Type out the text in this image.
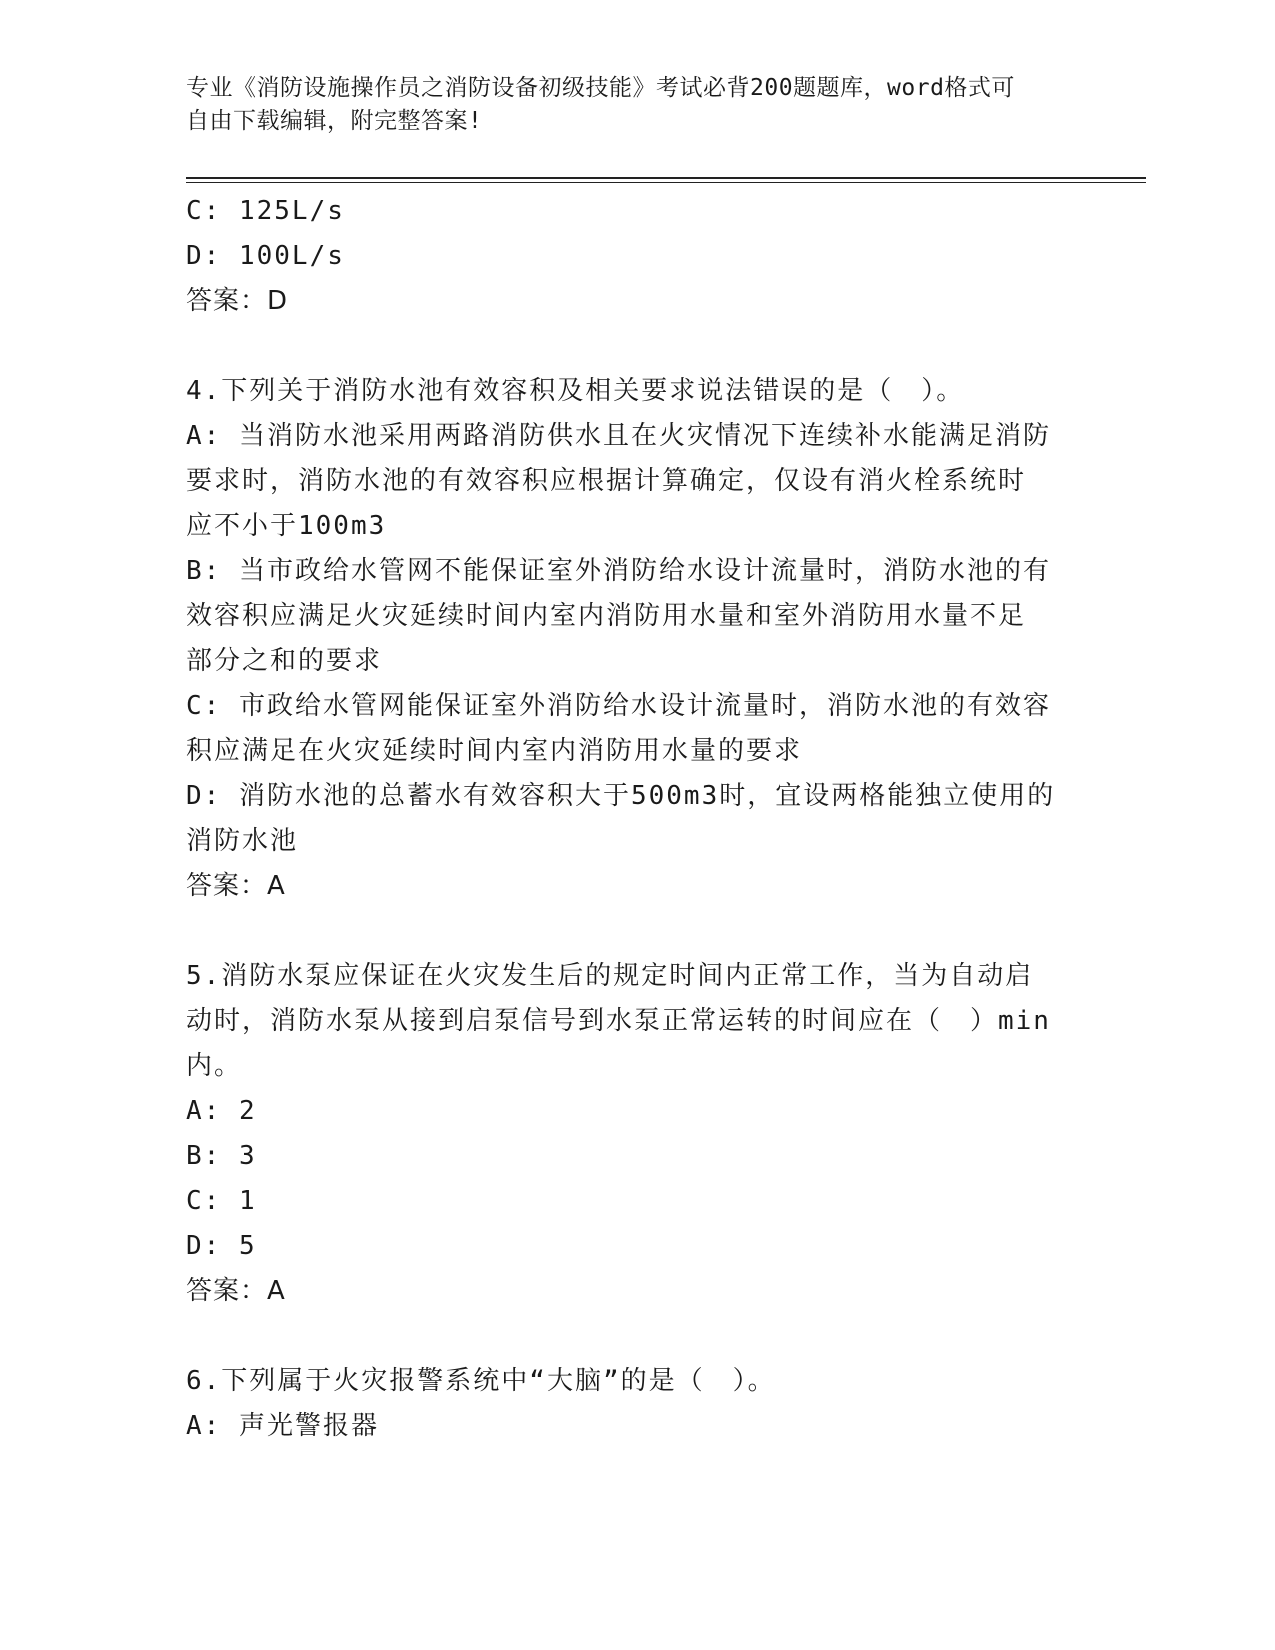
专业《消防设施操作员之消防设备初级技能》考试必背200题题库，word格式可
自由下载编辑，附完整答案!

C: 125L/s

D: 100L/s

答案：D

4.下列关于消防水池有效容积及相关要求说法错误的是（　）。

A: 当消防水池采用两路消防供水且在火灾情况下连续补水能满足消防

要求时，消防水池的有效容积应根据计算确定，仅设有消火栓系统时

应不小于100m3

B: 当市政给水管网不能保证室外消防给水设计流量时，消防水池的有

效容积应满足火灾延续时间内室内消防用水量和室外消防用水量不足

部分之和的要求

C: 市政给水管网能保证室外消防给水设计流量时，消防水池的有效容

积应满足在火灾延续时间内室内消防用水量的要求

D: 消防水池的总蓄水有效容积大于500m3时，宜设两格能独立使用的

消防水池

答案：A

5.消防水泵应保证在火灾发生后的规定时间内正常工作，当为自动启

动时，消防水泵从接到启泵信号到水泵正常运转的时间应在（　）min

内。

A: 2

B: 3

C: 1

D: 5

答案：A

6.下列属于火灾报警系统中“大脑”的是（　）。

A: 声光警报器
